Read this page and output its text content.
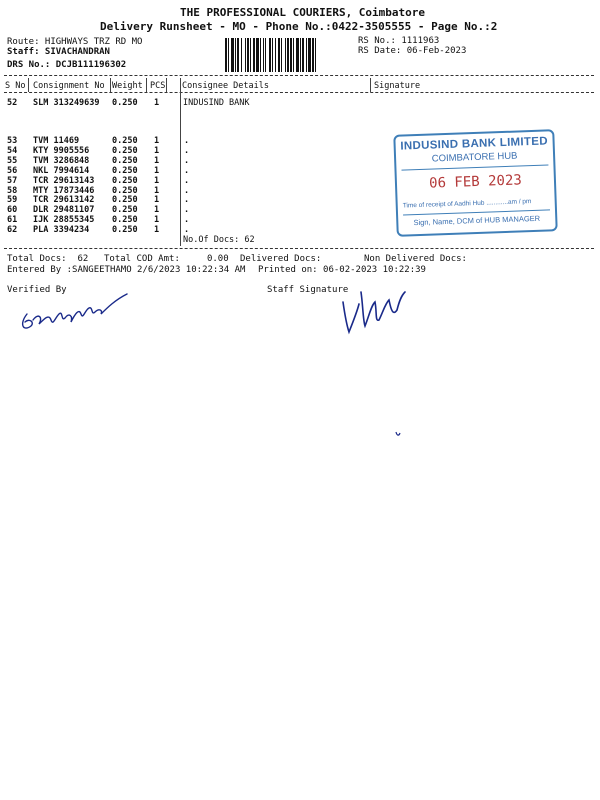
THE PROFESSIONAL COURIERS, Coimbatore
Delivery Runsheet - MO - Phone No.:0422-3505555 - Page No.:2
Route: HIGHWAYS TRZ RD MO
Staff: SIVACHANDRAN
DRS No.: DCJB111196302
RS No.: 1111963
RS Date: 06-Feb-2023
S No Consignment No Weight PCS Consignee Details	Signature
52 SLM 313249639 0.250 1	INDUSIND BANK
53 TVM 11469	0.250 1	.
54 KTY 9905556	0.250 1	.
55 TVM 3286848	0.250 1	.
56 NKL 7994614	0.250 1	.
57 TCR 29613143 0.250 1	.
58 MTY 17873446 0.250 1	.
59 TCR 29613142 0.250 1	.
60 DLR 29481107 0.250 1	.
61 IJK 28855345 0.250 1	.
62 PLA 3394234	0.250 1	.
No.Of Docs: 62
INDUSIND BANK LIMITED
COIMBATORE HUB
06 FEB 2023
Time of receipt of Aadhi Hub ............am / pm
Sign, Name, DCM of HUB MANAGER
Total Docs:  62 Total COD Amt:     0.00 Delivered Docs:	Non Delivered Docs:
Entered By :SANGEETHAMO 2/6/2023 10:22:34 AM Printed on: 06-02-2023 10:22:39
Verified By	Staff Signature
